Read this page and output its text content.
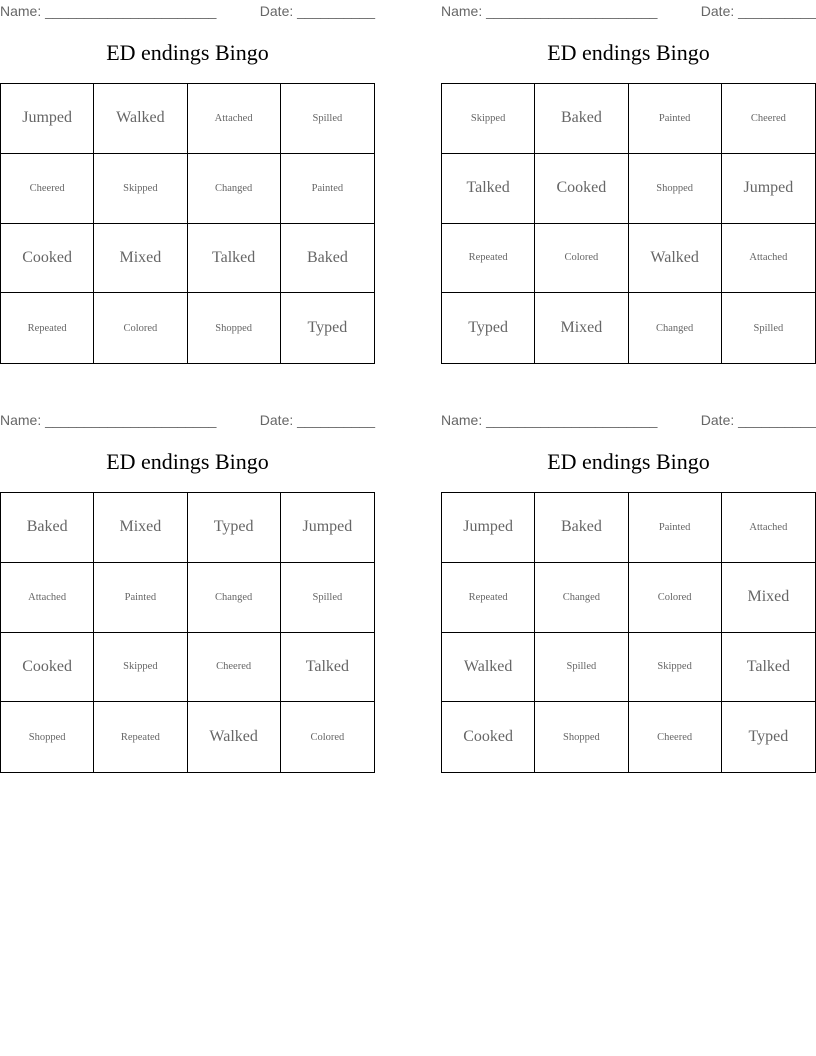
Name: ______________________	Date: __________
ED endings Bingo
Jumped	Walked	Attached	Spilled
Cheered	Skipped	Changed	Painted
Cooked	Mixed	Talked	Baked
Repeated	Colored	Shopped	Typed
Name: ______________________	Date: __________
ED endings Bingo
Skipped	Baked	Painted	Cheered
Talked	Cooked	Shopped	Jumped
Repeated	Colored	Walked	Attached
Typed	Mixed	Changed	Spilled
Name: ______________________	Date: __________
ED endings Bingo
Baked	Mixed	Typed	Jumped
Attached	Painted	Changed	Spilled
Cooked	Skipped	Cheered	Talked
Shopped	Repeated	Walked	Colored
Name: ______________________	Date: __________
ED endings Bingo
Jumped	Baked	Painted	Attached
Repeated	Changed	Colored	Mixed
Walked	Spilled	Skipped	Talked
Cooked	Shopped	Cheered	Typed
